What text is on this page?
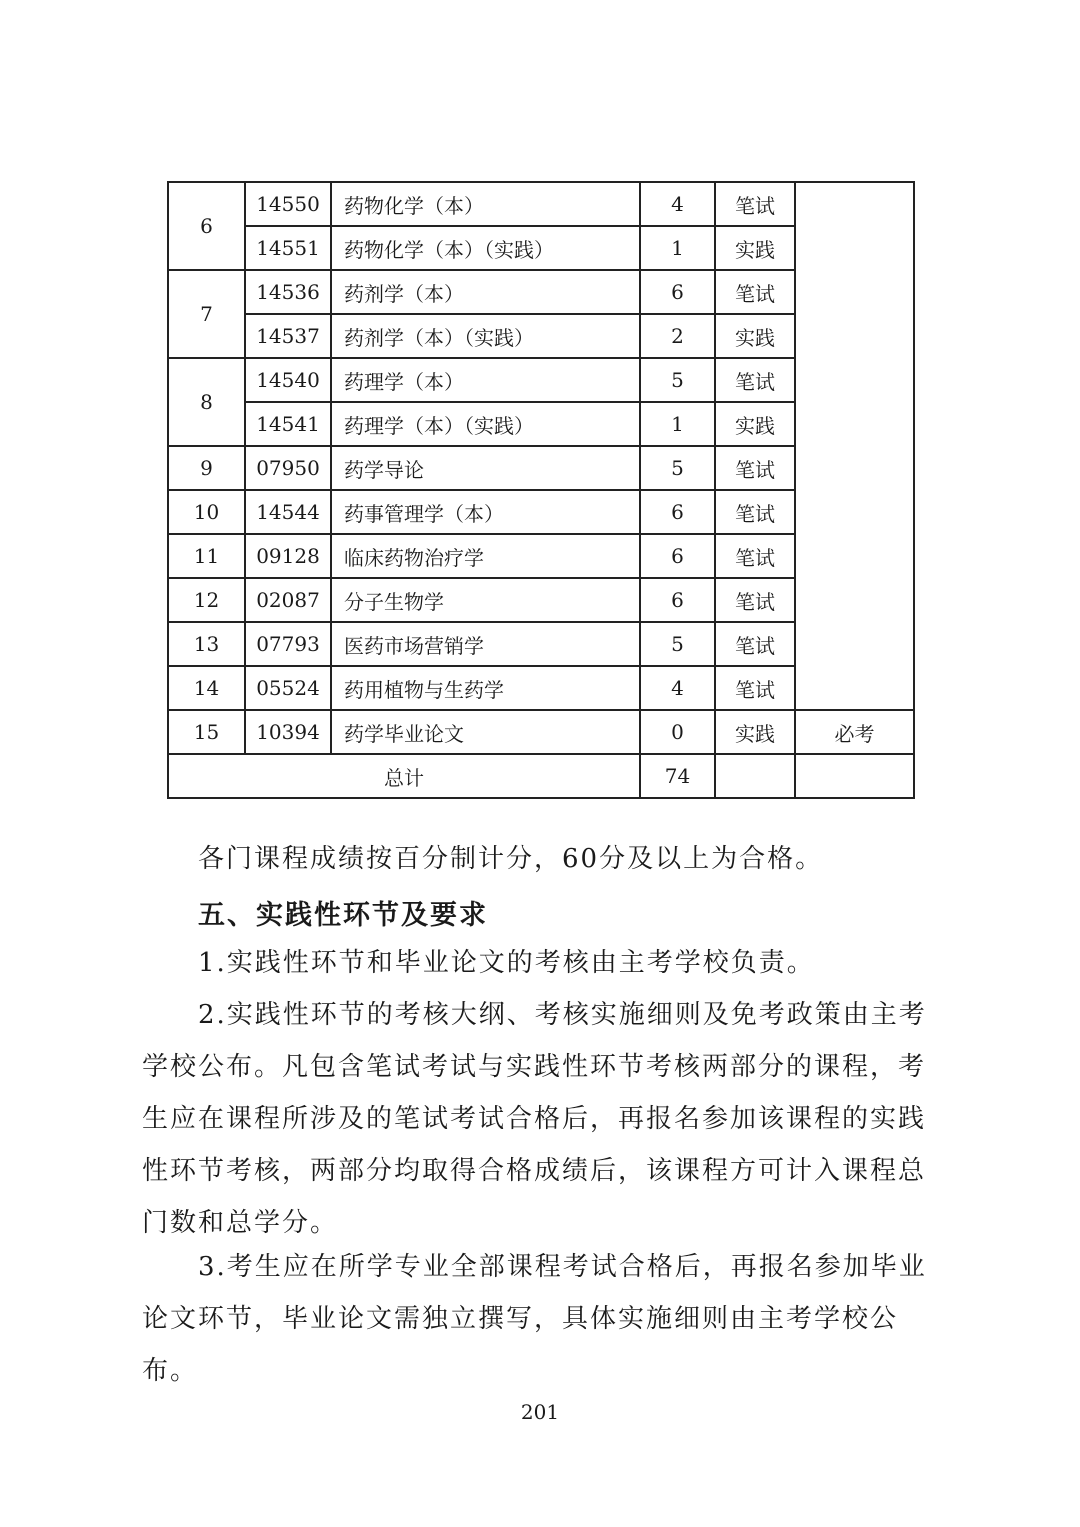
6	14550	药物化学（本）	4	笔试	
	14551	药物化学（本）（实践）	1	实践	
7	14536	药剂学（本）	6	笔试	
	14537	药剂学（本）（实践）	2	实践	
8	14540	药理学（本）	5	笔试	
	14541	药理学（本）（实践）	1	实践	
9	07950	药学导论	5	笔试	
10	14544	药事管理学（本）	6	笔试	
11	09128	临床药物治疗学	6	笔试	
12	02087	分子生物学	6	笔试	
13	07793	医药市场营销学	5	笔试	
14	05524	药用植物与生药学	4	笔试	
15	10394	药学毕业论文	0	实践	必考
总计			74		

各门课程成绩按百分制计分，60分及以上为合格。

五、实践性环节及要求

1.实践性环节和毕业论文的考核由主考学校负责。

2.实践性环节的考核大纲、考核实施细则及免考政策由主考学校公布。凡包含笔试考试与实践性环节考核两部分的课程，考生应在课程所涉及的笔试考试合格后，再报名参加该课程的实践性环节考核，两部分均取得合格成绩后，该课程方可计入课程总门数和总学分。

3.考生应在所学专业全部课程考试合格后，再报名参加毕业论文环节，毕业论文需独立撰写，具体实施细则由主考学校公布。

201
